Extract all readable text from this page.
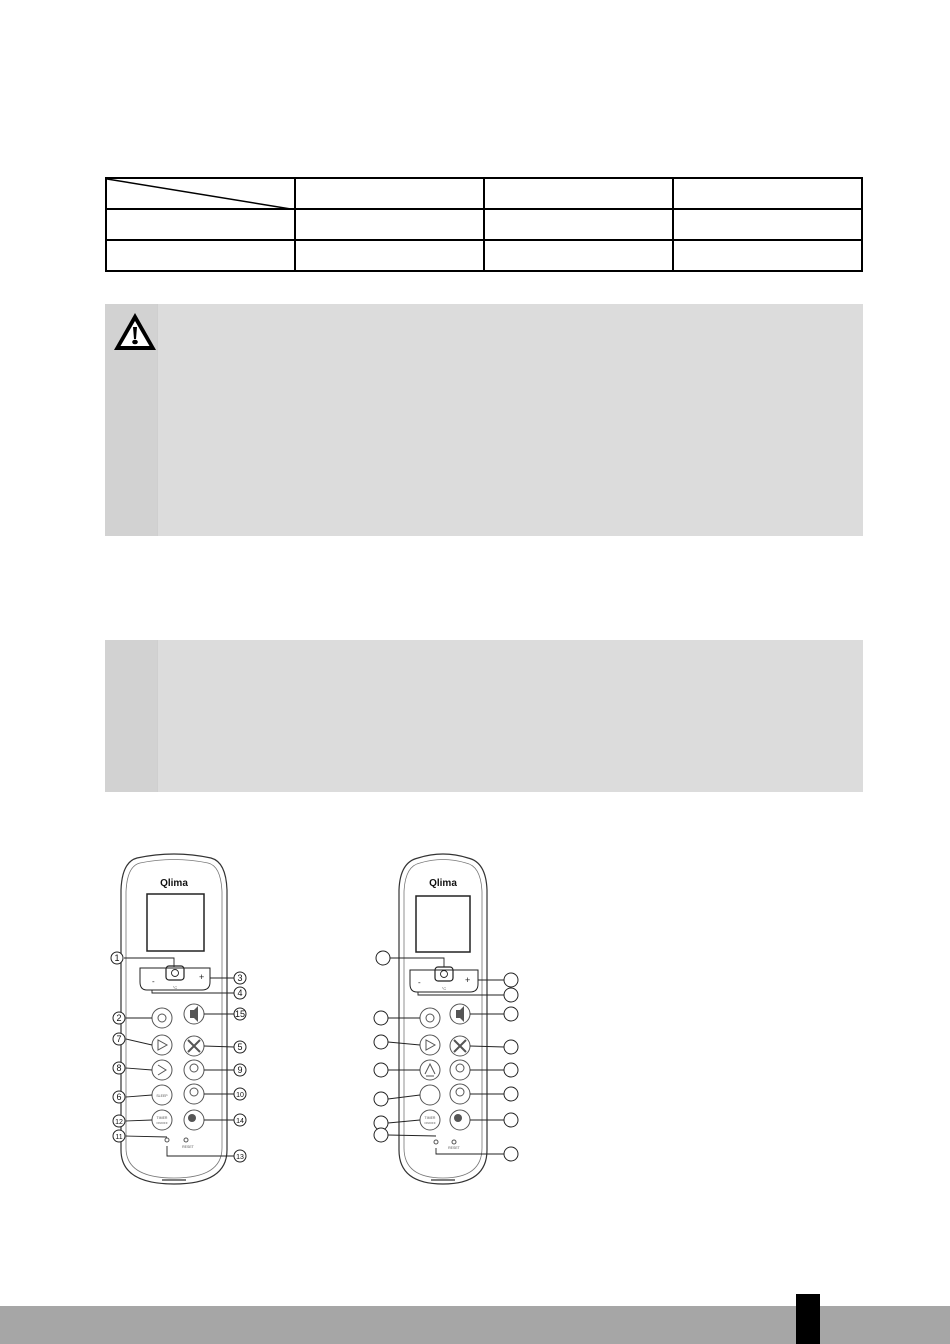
Qlima
-	+
°C
SLEEP
TIMER
ON/OFF
RESET
1
3
4
2	15
7
5
8	9
6	10
12	14
11
13
Qlima
-	+
°C
TIMER
ON/OFF
RESET
